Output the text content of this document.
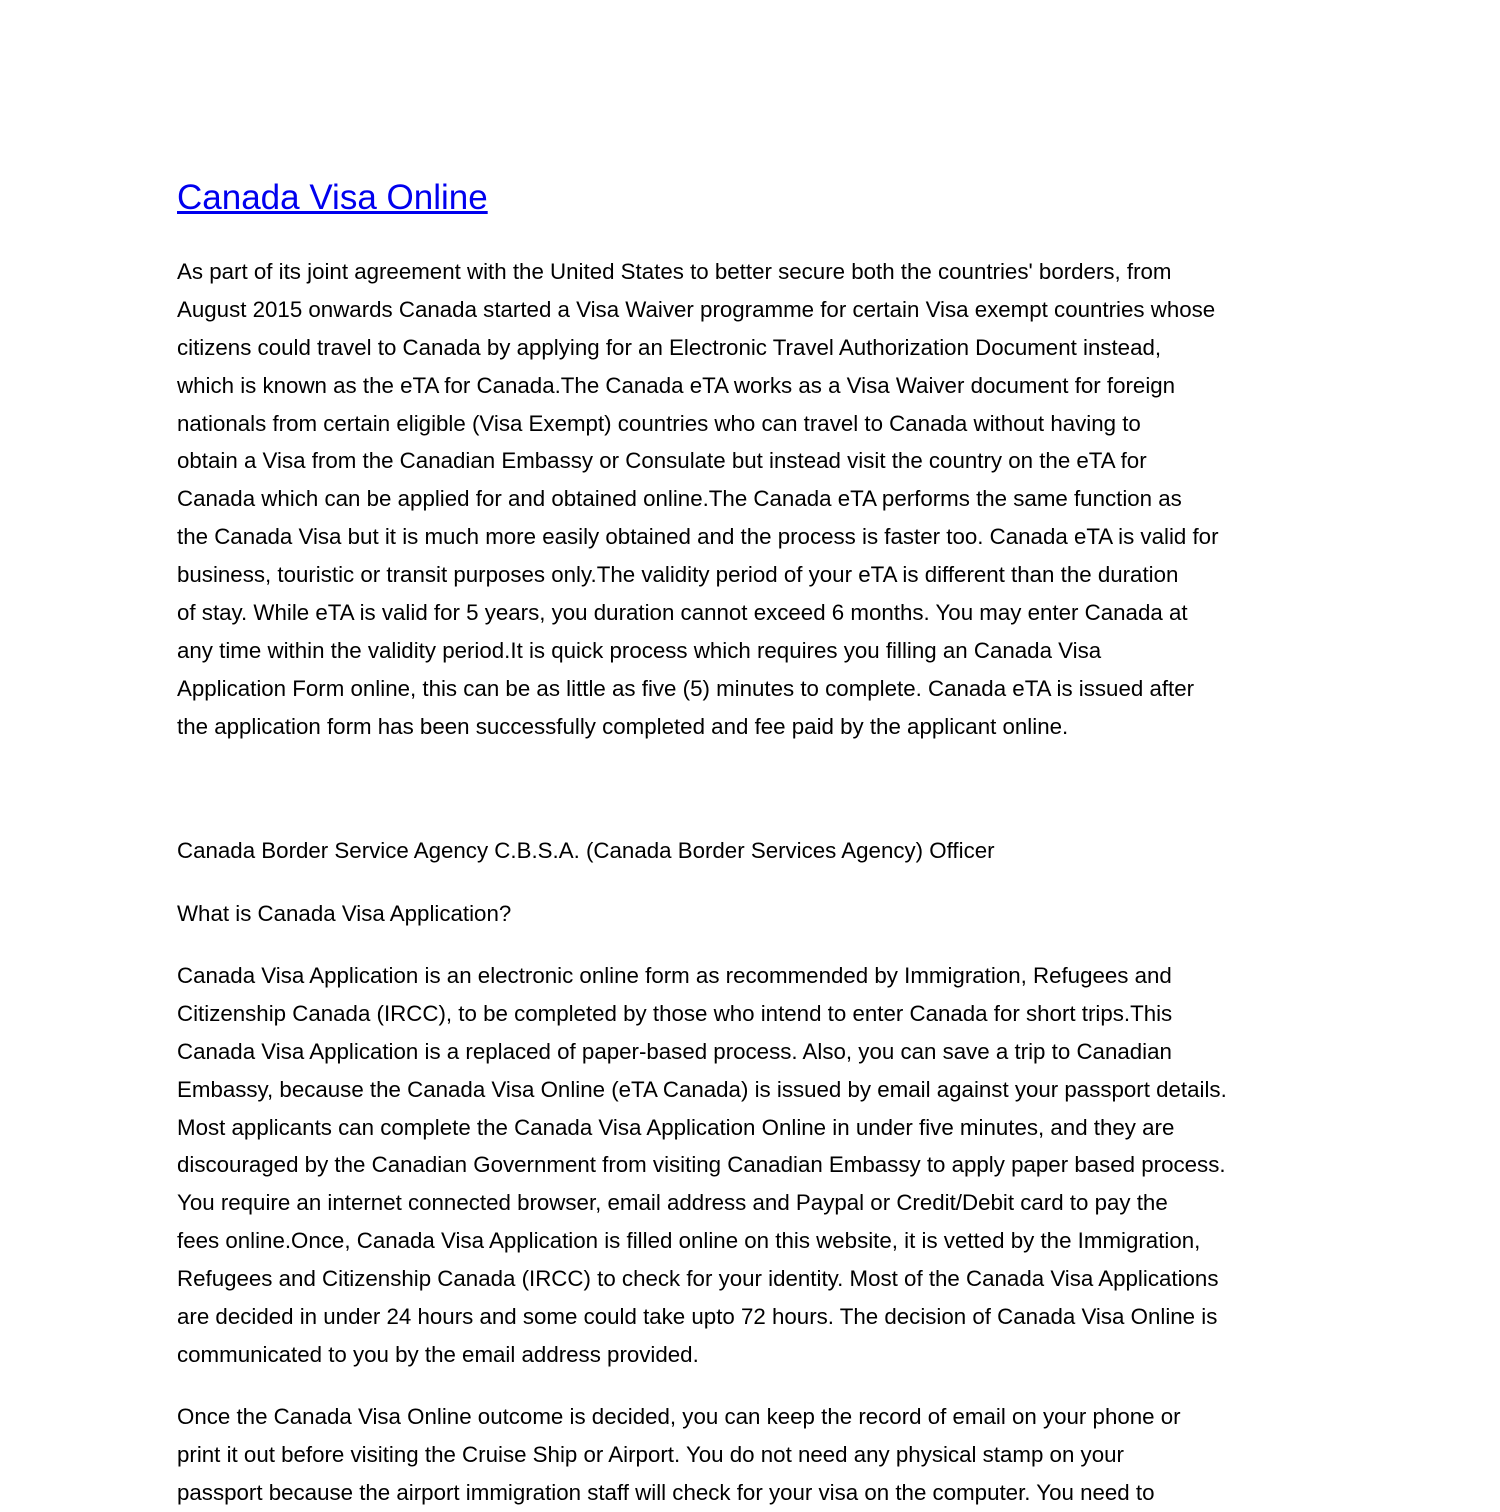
Canada Visa Online
As part of its joint agreement with the United States to better secure both the countries' borders, from
August 2015 onwards Canada started a Visa Waiver programme for certain Visa exempt countries whose
citizens could travel to Canada by applying for an Electronic Travel Authorization Document instead,
which is known as the eTA for Canada.The Canada eTA works as a Visa Waiver document for foreign
nationals from certain eligible (Visa Exempt) countries who can travel to Canada without having to
obtain a Visa from the Canadian Embassy or Consulate but instead visit the country on the eTA for
Canada which can be applied for and obtained online.The Canada eTA performs the same function as
the Canada Visa but it is much more easily obtained and the process is faster too. Canada eTA is valid for
business, touristic or transit purposes only.The validity period of your eTA is different than the duration
of stay. While eTA is valid for 5 years, you duration cannot exceed 6 months. You may enter Canada at
any time within the validity period.It is quick process which requires you filling an Canada Visa
Application Form online, this can be as little as five (5) minutes to complete. Canada eTA is issued after
the application form has been successfully completed and fee paid by the applicant online.
Canada Border Service Agency C.B.S.A. (Canada Border Services Agency) Officer
What is Canada Visa Application?
Canada Visa Application is an electronic online form as recommended by Immigration, Refugees and
Citizenship Canada (IRCC), to be completed by those who intend to enter Canada for short trips.This
Canada Visa Application is a replaced of paper-based process. Also, you can save a trip to Canadian
Embassy, because the Canada Visa Online (eTA Canada) is issued by email against your passport details.
Most applicants can complete the Canada Visa Application Online in under five minutes, and they are
discouraged by the Canadian Government from visiting Canadian Embassy to apply paper based process.
You require an internet connected browser, email address and Paypal or Credit/Debit card to pay the
fees online.Once, Canada Visa Application is filled online on this website, it is vetted by the Immigration,
Refugees and Citizenship Canada (IRCC) to check for your identity. Most of the Canada Visa Applications
are decided in under 24 hours and some could take upto 72 hours. The decision of Canada Visa Online is
communicated to you by the email address provided.
Once the Canada Visa Online outcome is decided, you can keep the record of email on your phone or
print it out before visiting the Cruise Ship or Airport. You do not need any physical stamp on your
passport because the airport immigration staff will check for your visa on the computer. You need to
